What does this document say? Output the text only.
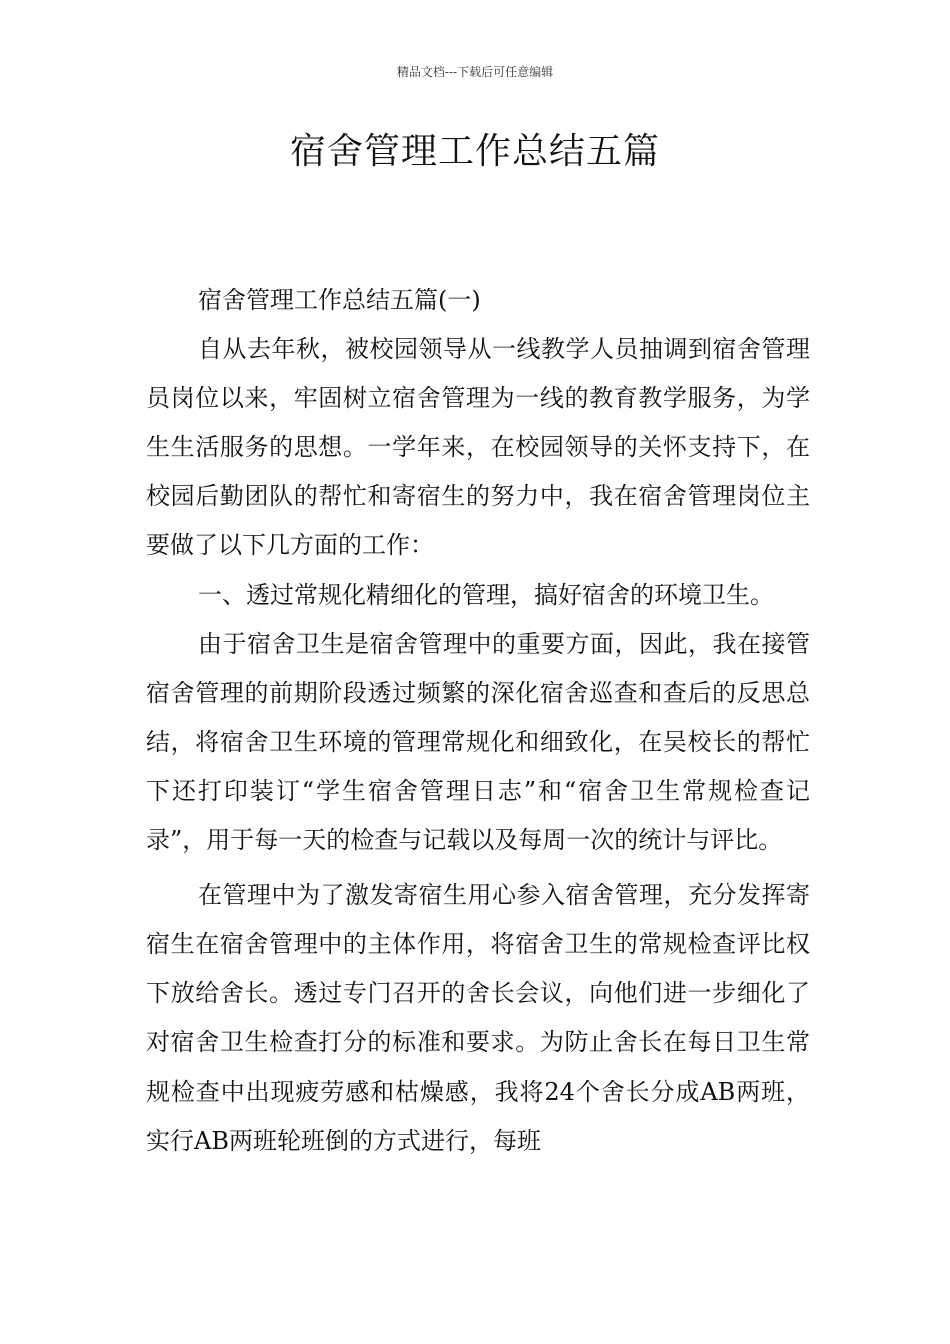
精品文档---下载后可任意编辑
宿舍管理工作总结五篇

宿舍管理工作总结五篇(一)

自从去年秋，被校园领导从一线教学人员抽调到宿舍管理员岗位以来，牢固树立宿舍管理为一线的教育教学服务，为学生生活服务的思想。一学年来，在校园领导的关怀支持下，在校园后勤团队的帮忙和寄宿生的努力中，我在宿舍管理岗位主要做了以下几方面的工作：

一、透过常规化精细化的管理，搞好宿舍的环境卫生。

由于宿舍卫生是宿舍管理中的重要方面，因此，我在接管宿舍管理的前期阶段透过频繁的深化宿舍巡查和查后的反思总结，将宿舍卫生环境的管理常规化和细致化，在吴校长的帮忙下还打印装订“学生宿舍管理日志”和“宿舍卫生常规检查记录”，用于每一天的检查与记载以及每周一次的统计与评比。

在管理中为了激发寄宿生用心参入宿舍管理，充分发挥寄宿生在宿舍管理中的主体作用，将宿舍卫生的常规检查评比权下放给舍长。透过专门召开的舍长会议，向他们进一步细化了对宿舍卫生检查打分的标准和要求。为防止舍长在每日卫生常规检查中出现疲劳感和枯燥感，我将24个舍长分成AB两班，实行AB两班轮班倒的方式进行，每班
